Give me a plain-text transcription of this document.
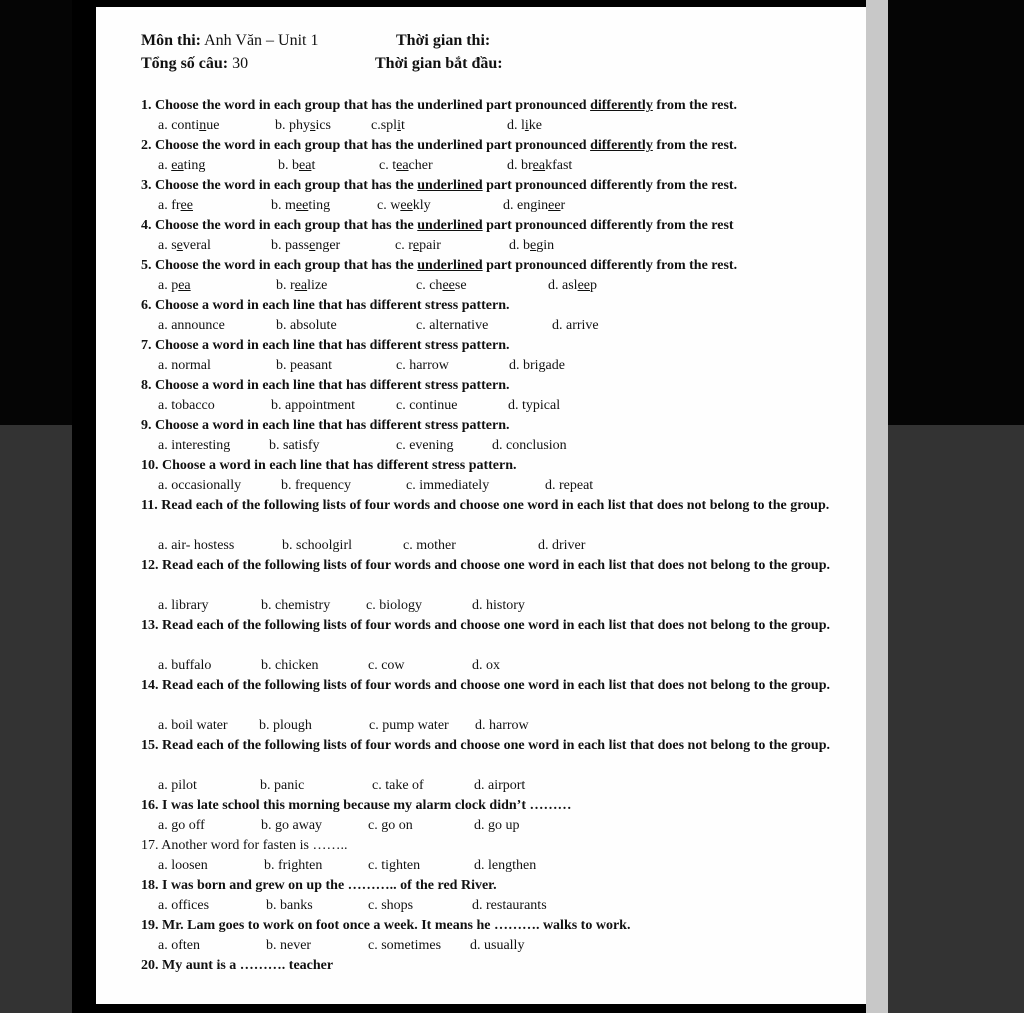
Môn thi: Anh Văn – Unit 1	Thời gian thi:
Tổng số câu: 30	Thời gian bắt đầu:
1. Choose the word in each group that has the underlined part pronounced differently from the rest.
a. continue	b. physics	c.split	d. like
2. Choose the word in each group that has the underlined part pronounced differently from the rest.
a. eating	b. beat	c. teacher	d. breakfast
3. Choose the word in each group that has the underlined part pronounced differently from the rest.
a. free	b. meeting	c. weekly	d. engineer
4. Choose the word in each group that has the underlined part pronounced differently from the rest
a. several	b. passenger	c. repair	d. begin
5. Choose the word in each group that has the underlined part pronounced differently from the rest.
a. pea	b. realize	c. cheese	d. asleep
6. Choose a word in each line that has different stress pattern.
a. announce	b. absolute	c. alternative	d. arrive
7. Choose a word in each line that has different stress pattern.
a. normal	b. peasant	c. harrow	d. brigade
8. Choose a word in each line that has different stress pattern.
a. tobacco	b. appointment	c. continue	d. typical
9. Choose a word in each line that has different stress pattern.
a. interesting	b. satisfy	c. evening	d. conclusion
10. Choose a word in each line that has different stress pattern.
a. occasionally	b. frequency	c. immediately	d. repeat
11. Read each of the following lists of four words and choose one word in each list that does not belong to the group.
a. air- hostess	b. schoolgirl	c. mother	d. driver
12. Read each of the following lists of four words and choose one word in each list that does not belong to the group.
a. library	b. chemistry	c. biology	d. history
13. Read each of the following lists of four words and choose one word in each list that does not belong to the group.
a. buffalo	b. chicken	c. cow	d. ox
14. Read each of the following lists of four words and choose one word in each list that does not belong to the group.
a. boil water b. plough	c. pump water d. harrow
15. Read each of the following lists of four words and choose one word in each list that does not belong to the group.
a. pilot	b. panic	c. take of	d. airport
16. I was late school this morning because my alarm clock didn’t ………
a. go off	b. go away	c. go on	d. go up
17. Another word for fasten is ……..
a. loosen	b. frighten	c. tighten	d. lengthen
18. I was born and grew on up the ……….. of the red River.
a. offices	b. banks	c. shops	d. restaurants
19. Mr. Lam goes to work on foot once a week. It means he ………. walks to work.
a. often	b. never	c. sometimes d. usually
20. My aunt is a ………. teacher
